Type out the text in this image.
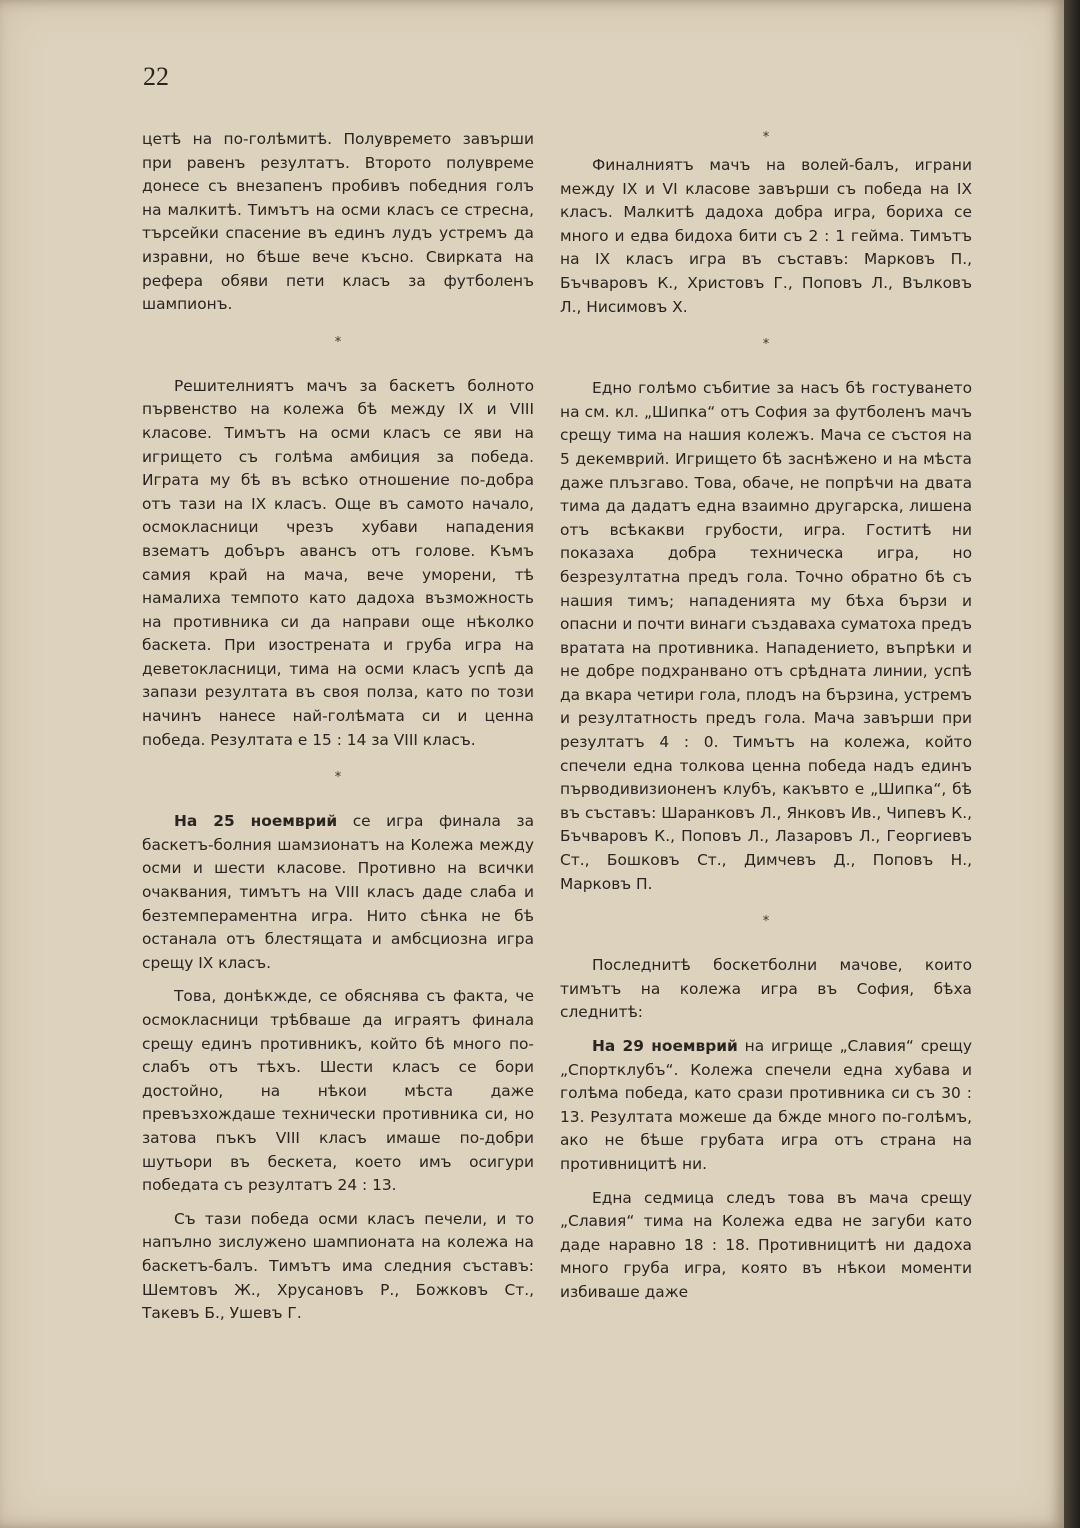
22

цетѣ на по-голѣмитѣ. Полувремето завърши при равенъ резултатъ. Второто полувреме донесе съ внезапенъ пробивъ победния голъ на малкитѣ. Тимътъ на осми класъ се стресна, търсейки спасение въ единъ лудъ устремъ да изравни, но бѣше вече късно. Свирката на рефера обяви пети класъ за футболенъ шампионъ.

*

Решителниятъ мачъ за баскетъ болното първенство на колежа бѣ между IX и VIII класове. Тимътъ на осми класъ се яви на игрището съ голѣма амбиция за победа. Играта му бѣ въ всѣко отношение по-добра отъ тази на IX класъ. Още въ самото начало, осмокласници чрезъ хубави нападения взематъ добъръ авансъ отъ голове. Къмъ самия край на мача, вече уморени, тѣ намалиха темпото като дадоха възможность на противника си да направи още нѣколко баскета. При изострената и груба игра на деветокласници, тима на осми класъ успѣ да запази резултата въ своя полза, като по този начинъ нанесе най-голѣмата си и ценна победа. Резултата е 15 : 14 за VIII класъ.

*

На 25 ноемврий се игра финала за баскетъ-болния шамзионатъ на Колежа между осми и шести класове. Противно на всички очаквания, тимътъ на VIII класъ даде слаба и безтемпераментна игра. Нито сѣнка не бѣ останала отъ блестящата и амбсциозна игра срещу IX класъ.

Това, донѣкжде, се обяснява съ факта, че осмокласници трѣбваше да играятъ финала срещу единъ противникъ, който бѣ много по-слабъ отъ тѣхъ. Шести класъ се бори достойно, на нѣкои мѣста даже превъзхождаше технически противника си, но затова пъкъ VIII класъ имаше по-добри шутьори въ бескета, което имъ осигури победата съ резултатъ 24 : 13.

Съ тази победа осми класъ печели, и то напълно зислужено шампионата на колежа на баскетъ-балъ. Тимътъ има следния съставъ: Шемтовъ Ж., Хрусановъ Р., Божковъ Ст., Такевъ Б., Ушевъ Г.

*

Финалниятъ мачъ на волей-балъ, играни между IX и VI класове завърши съ победа на IX класъ. Малкитѣ дадоха добра игра, бориха се много и едва бидоха бити съ 2 : 1 гейма. Тимътъ на IX класъ игра въ съставъ: Марковъ П., Бъчваровъ К., Христовъ Г., Поповъ Л., Вълковъ Л., Нисимовъ Х.

*

Едно голѣмо събитие за насъ бѣ гостуването на см. кл. „Шипка“ отъ София за футболенъ мачъ срещу тима на нашия колежъ. Мача се състоя на 5 декемврий. Игрището бѣ заснѣжено и на мѣста даже плъзгаво. Това, обаче, не попрѣчи на двата тима да дадатъ една взаимно другарска, лишена отъ всѣкакви грубости, игра. Гоститѣ ни показаха добра техническа игра, но безрезултатна предъ гола. Точно обратно бѣ съ нашия тимъ; нападенията му бѣха бързи и опасни и почти винаги създаваха суматоха предъ вратата на противника. Нападението, въпрѣки и не добре подхранвано отъ срѣдната линии, успѣ да вкара четири гола, плодъ на бързина, устремъ и резултатность предъ гола. Мача завърши при резултатъ 4 : 0. Тимътъ на колежа, който спечели една толкова ценна победа надъ единъ първодивизионенъ клубъ, какъвто е „Шипка“, бѣ въ съставъ: Шаранковъ Л., Янковъ Ив., Чипевъ К., Бъчваровъ К., Поповъ Л., Лазаровъ Л., Георгиевъ Ст., Бошковъ Ст., Димчевъ Д., Поповъ Н., Марковъ П.

*

Последнитѣ боскетболни мачове, които тимътъ на колежа игра въ София, бѣха следнитѣ:

На 29 ноемврий на игрище „Славия“ срещу „Спортклубъ“. Колежа спечели една хубава и голѣма победа, като срази противника си съ 30 : 13. Резултата можеше да бжде много по-голѣмъ, ако не бѣше грубата игра отъ страна на противницитѣ ни.

Една седмица следъ това въ мача срещу „Славия“ тима на Колежа едва не загуби като даде наравно 18 : 18. Противницитѣ ни дадоха много груба игра, която въ нѣкои моменти избиваше даже
